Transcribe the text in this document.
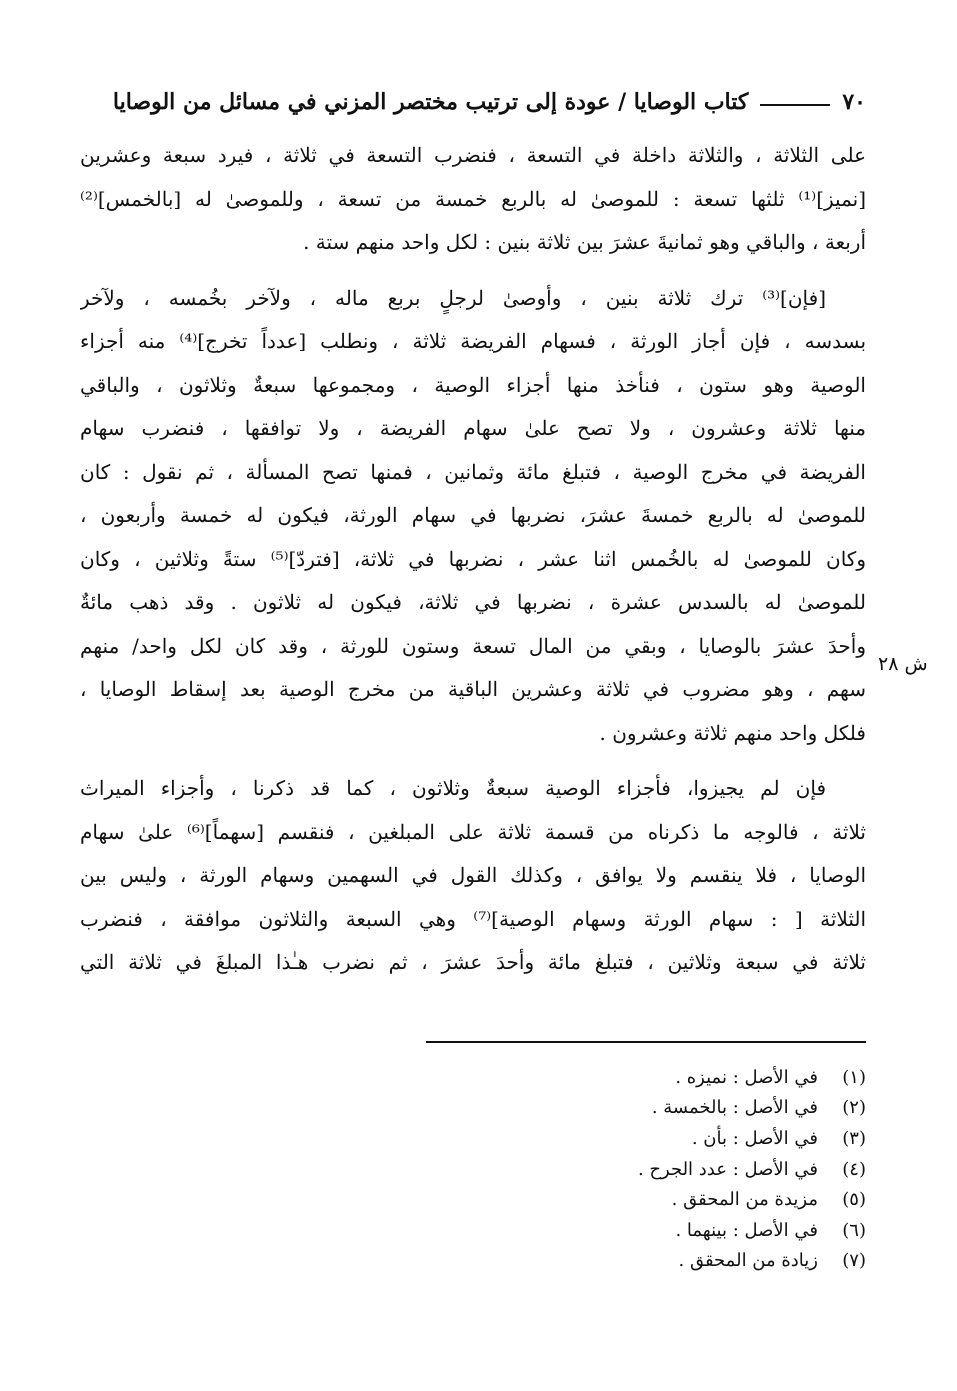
٧٠
كتاب الوصايا / عودة إلى ترتيب مختصر المزني في مسائل من الوصايا
ش ٢٨
على الثلاثة ، والثلاثة داخلة في التسعة ، فنضرب التسعة في ثلاثة ، فيرد سبعة وعشرين
[نميز]⁽¹⁾ ثلثها تسعة : للموصىٰ له بالربع خمسة من تسعة ، وللموصىٰ له [بالخمس]⁽²⁾
أربعة ، والباقي وهو ثمانيةَ عشرَ بين ثلاثة بنين : لكل واحد منهم ستة .
[فإن]⁽³⁾ ترك ثلاثة بنين ، وأوصىٰ لرجلٍ بربع ماله ، ولآخر بخُمسه ، ولآخر
بسدسه ، فإن أجاز الورثة ، فسهام الفريضة ثلاثة ، ونطلب [عدداً تخرج]⁽⁴⁾ منه أجزاء
الوصية وهو ستون ، فنأخذ منها أجزاء الوصية ، ومجموعها سبعةٌ وثلاثون ، والباقي
منها ثلاثة وعشرون ، ولا تصح علىٰ سهام الفريضة ، ولا توافقها ، فنضرب سهام
الفريضة في مخرج الوصية ، فتبلغ مائة وثمانين ، فمنها تصح المسألة ، ثم نقول : كان
للموصىٰ له بالربع خمسةَ عشرَ، نضربها في سهام الورثة، فيكون له خمسة وأربعون ،
وكان للموصىٰ له بالخُمس اثنا عشر ، نضربها في ثلاثة، [فتردّ]⁽⁵⁾ ستةً وثلاثين ، وكان
للموصىٰ له بالسدس عشرة ، نضربها في ثلاثة، فيكون له ثلاثون . وقد ذهب مائةٌ
وأحدَ عشرَ بالوصايا ، وبقي من المال تسعة وستون للورثة ، وقد كان لكل واحد/ منهم
سهم ، وهو مضروب في ثلاثة وعشرين الباقية من مخرج الوصية بعد إسقاط الوصايا ،
فلكل واحد منهم ثلاثة وعشرون .
فإن لم يجيزوا، فأجزاء الوصية سبعةٌ وثلاثون ، كما قد ذكرنا ، وأجزاء الميراث
ثلاثة ، فالوجه ما ذكرناه من قسمة ثلاثة على المبلغين ، فنقسم [سهماً]⁽⁶⁾ علىٰ سهام
الوصايا ، فلا ينقسم ولا يوافق ، وكذلك القول في السهمين وسهام الورثة ، وليس بين
الثلاثة [ : سهام الورثة وسهام الوصية]⁽⁷⁾ وهي السبعة والثلاثون موافقة ، فنضرب
ثلاثة في سبعة وثلاثين ، فتبلغ مائة وأحدَ عشرَ ، ثم نضرب هـٰذا المبلغَ في ثلاثة التي
(١)
في الأصل : نميزه .
(٢)
في الأصل : بالخمسة .
(٣)
في الأصل : بأن .
(٤)
في الأصل : عدد الجرح .
(٥)
مزيدة من المحقق .
(٦)
في الأصل : بينهما .
(٧)
زيادة من المحقق .
